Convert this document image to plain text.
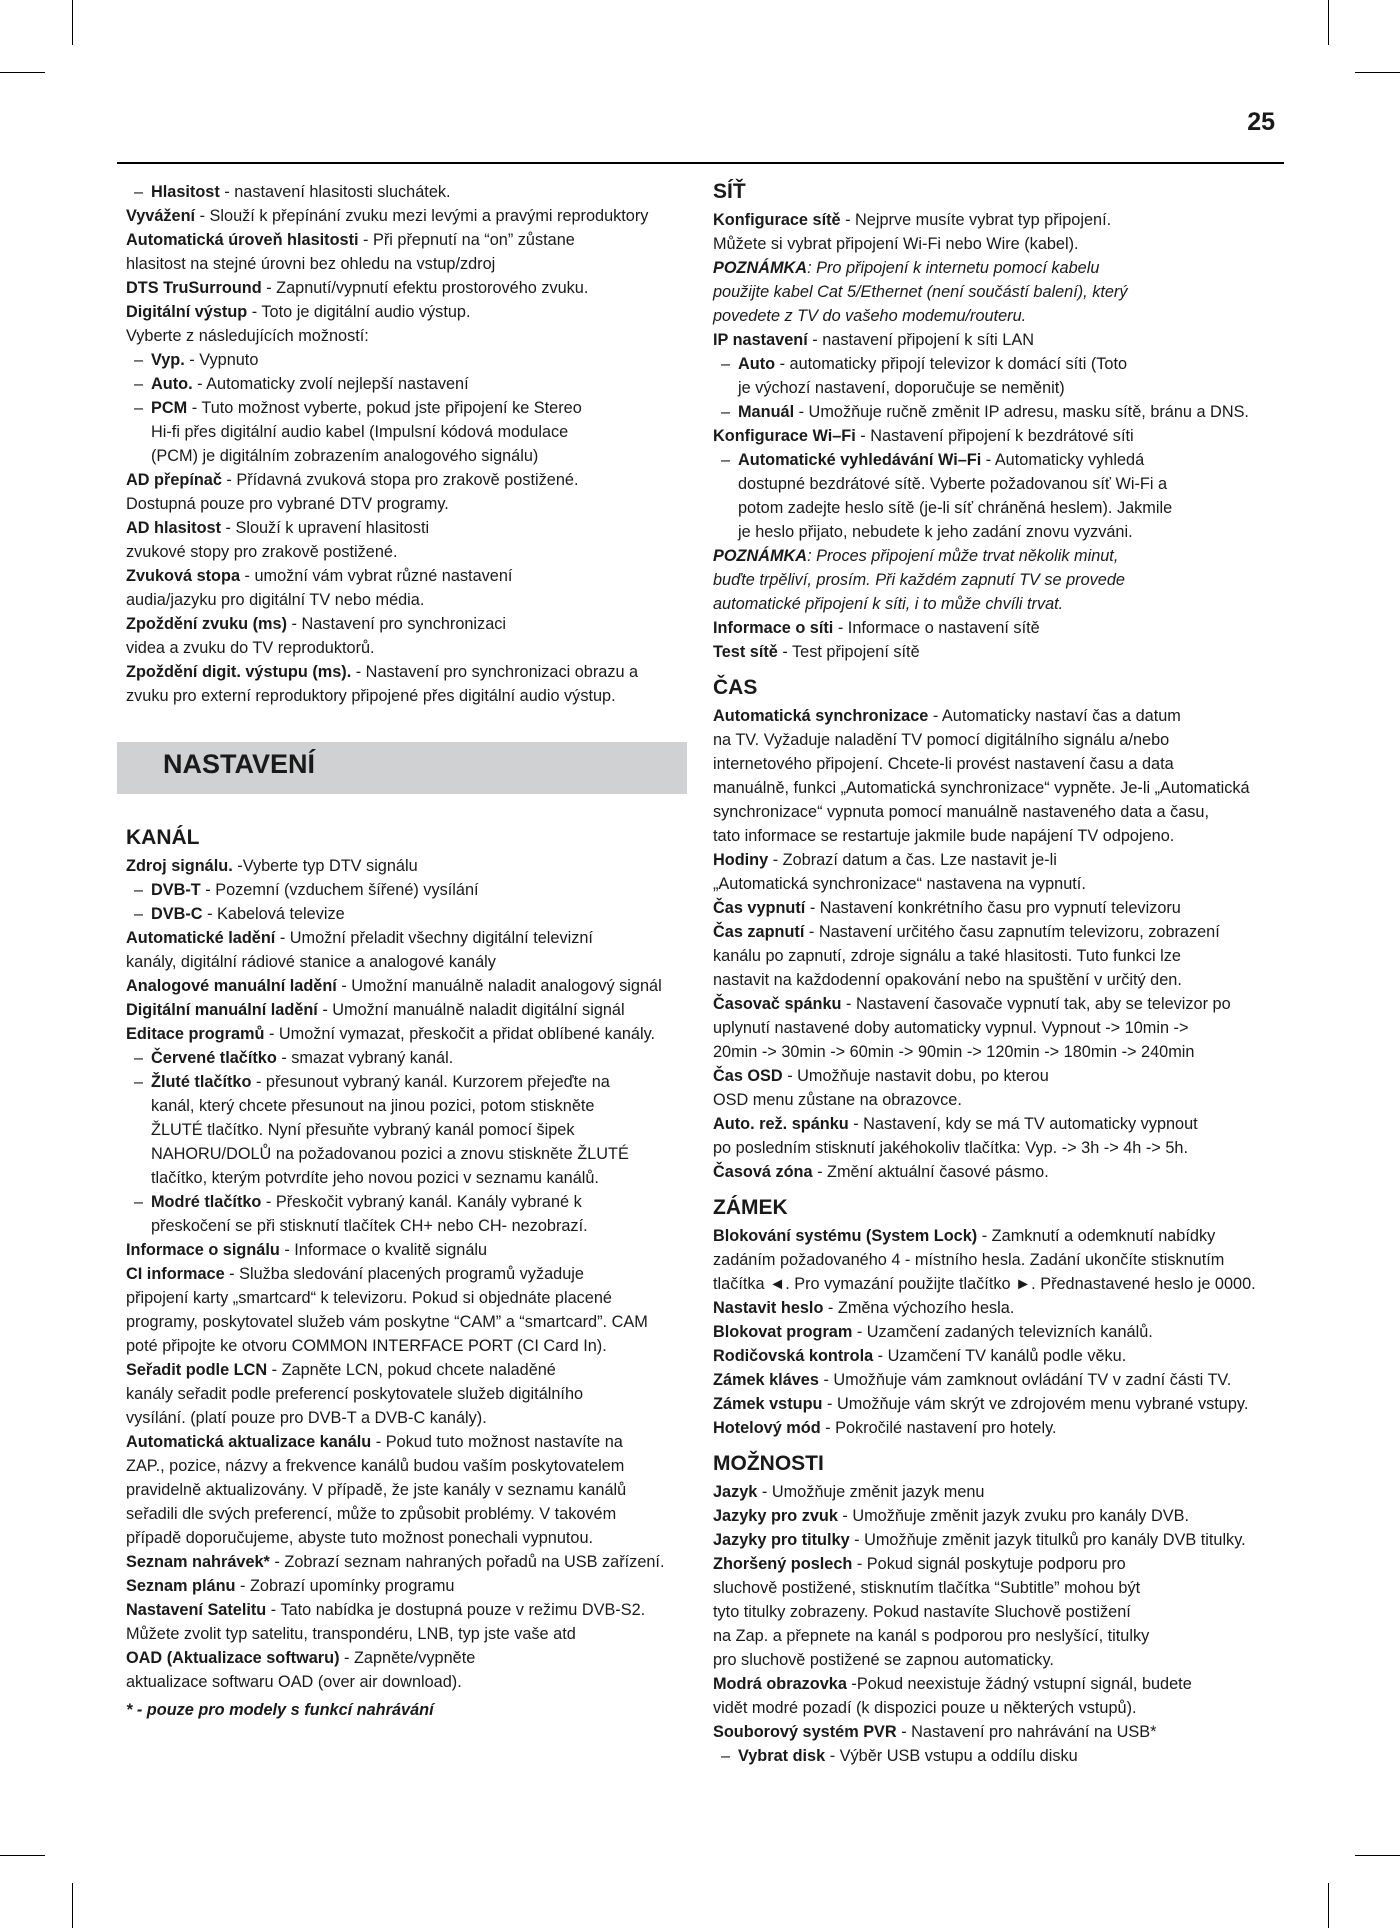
25

– Hlasitost - nastavení hlasitosti sluchátek.

Vyvážení - Slouží k přepínání zvuku mezi levými a pravými reproduktory

Automatická úroveň hlasitosti - Při přepnutí na “on” zůstane

hlasitost na stejné úrovni bez ohledu na vstup/zdroj

DTS TruSurround - Zapnutí/vypnutí efektu prostorového zvuku.

Digitální výstup - Toto je digitální audio výstup.

Vyberte z následujících možností:

– Vyp. - Vypnuto

– Auto. - Automaticky zvolí nejlepší nastavení

– PCM - Tuto možnost vyberte, pokud jste připojení ke Stereo

Hi-fi přes digitální audio kabel (Impulsní kódová modulace

(PCM) je digitálním zobrazením analogového signálu)

AD přepínač - Přídavná zvuková stopa pro zrakově postižené.

Dostupná pouze pro vybrané DTV programy.

AD hlasitost - Slouží k upravení hlasitosti

zvukové stopy pro zrakově postižené.

Zvuková stopa - umožní vám vybrat různé nastavení

audia/jazyku pro digitální TV nebo média.

Zpoždění zvuku (ms) - Nastavení pro synchronizaci

videa a zvuku do TV reproduktorů.

Zpoždění digit. výstupu (ms). - Nastavení pro synchronizaci obrazu a

zvuku pro externí reproduktory připojené přes digitální audio výstup.

NASTAVENÍ
KANÁL

Zdroj signálu. -Vyberte typ DTV signálu

– DVB-T - Pozemní (vzduchem šířené) vysílání

– DVB-C - Kabelová televize

Automatické ladění - Umožní přeladit všechny digitální televizní

kanály, digitální rádiové stanice a analogové kanály

Analogové manuální ladění - Umožní manuálně naladit analogový signál

Digitální manuální ladění - Umožní manuálně naladit digitální signál

Editace programů - Umožní vymazat, přeskočit a přidat oblíbené kanály.

– Červené tlačítko - smazat vybraný kanál.

– Žluté tlačítko - přesunout vybraný kanál. Kurzorem přejeďte na

kanál, který chcete přesunout na jinou pozici, potom stiskněte

ŽLUTÉ tlačítko. Nyní přesuňte vybraný kanál pomocí šipek

NAHORU/DOLŮ na požadovanou pozici a znovu stiskněte ŽLUTÉ

tlačítko, kterým potvrdíte jeho novou pozici v seznamu kanálů.

– Modré tlačítko - Přeskočit vybraný kanál. Kanály vybrané k

přeskočení se při stisknutí tlačítek CH+ nebo CH- nezobrazí.

Informace o signálu - Informace o kvalitě signálu

CI informace - Služba sledování placených programů vyžaduje

připojení karty „smartcard“ k televizoru. Pokud si objednáte placené

programy, poskytovatel služeb vám poskytne “CAM” a “smartcard”. CAM

poté připojte ke otvoru COMMON INTERFACE PORT (CI Card In).

Seřadit podle LCN - Zapněte LCN, pokud chcete naladěné

kanály seřadit podle preferencí poskytovatele služeb digitálního

vysílání. (platí pouze pro DVB-T a DVB-C kanály).

Automatická aktualizace kanálu - Pokud tuto možnost nastavíte na

ZAP., pozice, názvy a frekvence kanálů budou vaším poskytovatelem

pravidelně aktualizovány. V případě, že jste kanály v seznamu kanálů

seřadili dle svých preferencí, může to způsobit problémy. V takovém

případě doporučujeme, abyste tuto možnost ponechali vypnutou.

Seznam nahrávek* - Zobrazí seznam nahraných pořadů na USB zařízení.

Seznam plánu - Zobrazí upomínky programu

Nastavení Satelitu - Tato nabídka je dostupná pouze v režimu DVB-S2.

Můžete zvolit typ satelitu, transpondéru, LNB, typ jste vaše atd

OAD (Aktualizace softwaru) - Zapněte/vypněte

aktualizace softwaru OAD (over air download).

* - pouze pro modely s funkcí nahrávání

SÍŤ

Konfigurace sítě - Nejprve musíte vybrat typ připojení.

Můžete si vybrat připojení Wi-Fi nebo Wire (kabel).

POZNÁMKA: Pro připojení k internetu pomocí kabelu

použijte kabel Cat 5/Ethernet (není součástí balení), který

povedete z TV do vašeho modemu/routeru.

IP nastavení - nastavení připojení k síti LAN

– Auto - automaticky připojí televizor k domácí síti (Toto

je výchozí nastavení, doporučuje se neměnit)

– Manuál - Umožňuje ručně změnit IP adresu, masku sítě, bránu a DNS.

Konfigurace Wi–Fi - Nastavení připojení k bezdrátové síti

– Automatické vyhledávání Wi–Fi - Automaticky vyhledá

dostupné bezdrátové sítě. Vyberte požadovanou síť Wi-Fi a

potom zadejte heslo sítě (je-li síť chráněná heslem). Jakmile

je heslo přijato, nebudete k jeho zadání znovu vyzváni.

POZNÁMKA: Proces připojení může trvat několik minut,

buďte trpěliví, prosím. Při každém zapnutí TV se provede

automatické připojení k síti, i to může chvíli trvat.

Informace o síti - Informace o nastavení sítě

Test sítě - Test připojení sítě

ČAS

Automatická synchronizace - Automaticky nastaví čas a datum

na TV. Vyžaduje naladění TV pomocí digitálního signálu a/nebo

internetového připojení. Chcete-li provést nastavení času a data

manuálně, funkci „Automatická synchronizace“ vypněte. Je-li „Automatická

synchronizace“ vypnuta pomocí manuálně nastaveného data a času,

tato informace se restartuje jakmile bude napájení TV odpojeno.

Hodiny - Zobrazí datum a čas. Lze nastavit je-li

„Automatická synchronizace“ nastavena na vypnutí.

Čas vypnutí - Nastavení konkrétního času pro vypnutí televizoru

Čas zapnutí - Nastavení určitého času zapnutím televizoru, zobrazení

kanálu po zapnutí, zdroje signálu a také hlasitosti. Tuto funkci lze

nastavit na každodenní opakování nebo na spuštění v určitý den.

Časovač spánku - Nastavení časovače vypnutí tak, aby se televizor po

uplynutí nastavené doby automaticky vypnul. Vypnout -> 10min ->

20min -> 30min -> 60min -> 90min -> 120min -> 180min -> 240min

Čas OSD - Umožňuje nastavit dobu, po kterou

OSD menu zůstane na obrazovce.

Auto. rež. spánku - Nastavení, kdy se má TV automaticky vypnout

po posledním stisknutí jakéhokoliv tlačítka: Vyp. -> 3h -> 4h -> 5h.

Časová zóna - Změní aktuální časové pásmo.

ZÁMEK

Blokování systému (System Lock) - Zamknutí a odemknutí nabídky

zadáním požadovaného 4 - místního hesla. Zadání ukončíte stisknutím

tlačítka ◄. Pro vymazání použijte tlačítko ►. Přednastavené heslo je 0000.

Nastavit heslo - Změna výchozího hesla.

Blokovat program - Uzamčení zadaných televizních kanálů.

Rodičovská kontrola - Uzamčení TV kanálů podle věku.

Zámek kláves - Umožňuje vám zamknout ovládání TV v zadní části TV.

Zámek vstupu - Umožňuje vám skrýt ve zdrojovém menu vybrané vstupy.

Hotelový mód - Pokročilé nastavení pro hotely.

MOŽNOSTI

Jazyk - Umožňuje změnit jazyk menu

Jazyky pro zvuk - Umožňuje změnit jazyk zvuku pro kanály DVB.

Jazyky pro titulky - Umožňuje změnit jazyk titulků pro kanály DVB titulky.

Zhoršený poslech - Pokud signál poskytuje podporu pro

sluchově postižené, stisknutím tlačítka “Subtitle” mohou být

tyto titulky zobrazeny. Pokud nastavíte Sluchově postižení

na Zap. a přepnete na kanál s podporou pro neslyšící, titulky

pro sluchově postižené se zapnou automaticky.

Modrá obrazovka -Pokud neexistuje žádný vstupní signál, budete

vidět modré pozadí (k dispozici pouze u některých vstupů).

Souborový systém PVR - Nastavení pro nahrávání na USB*

– Vybrat disk - Výběr USB vstupu a oddílu disku
